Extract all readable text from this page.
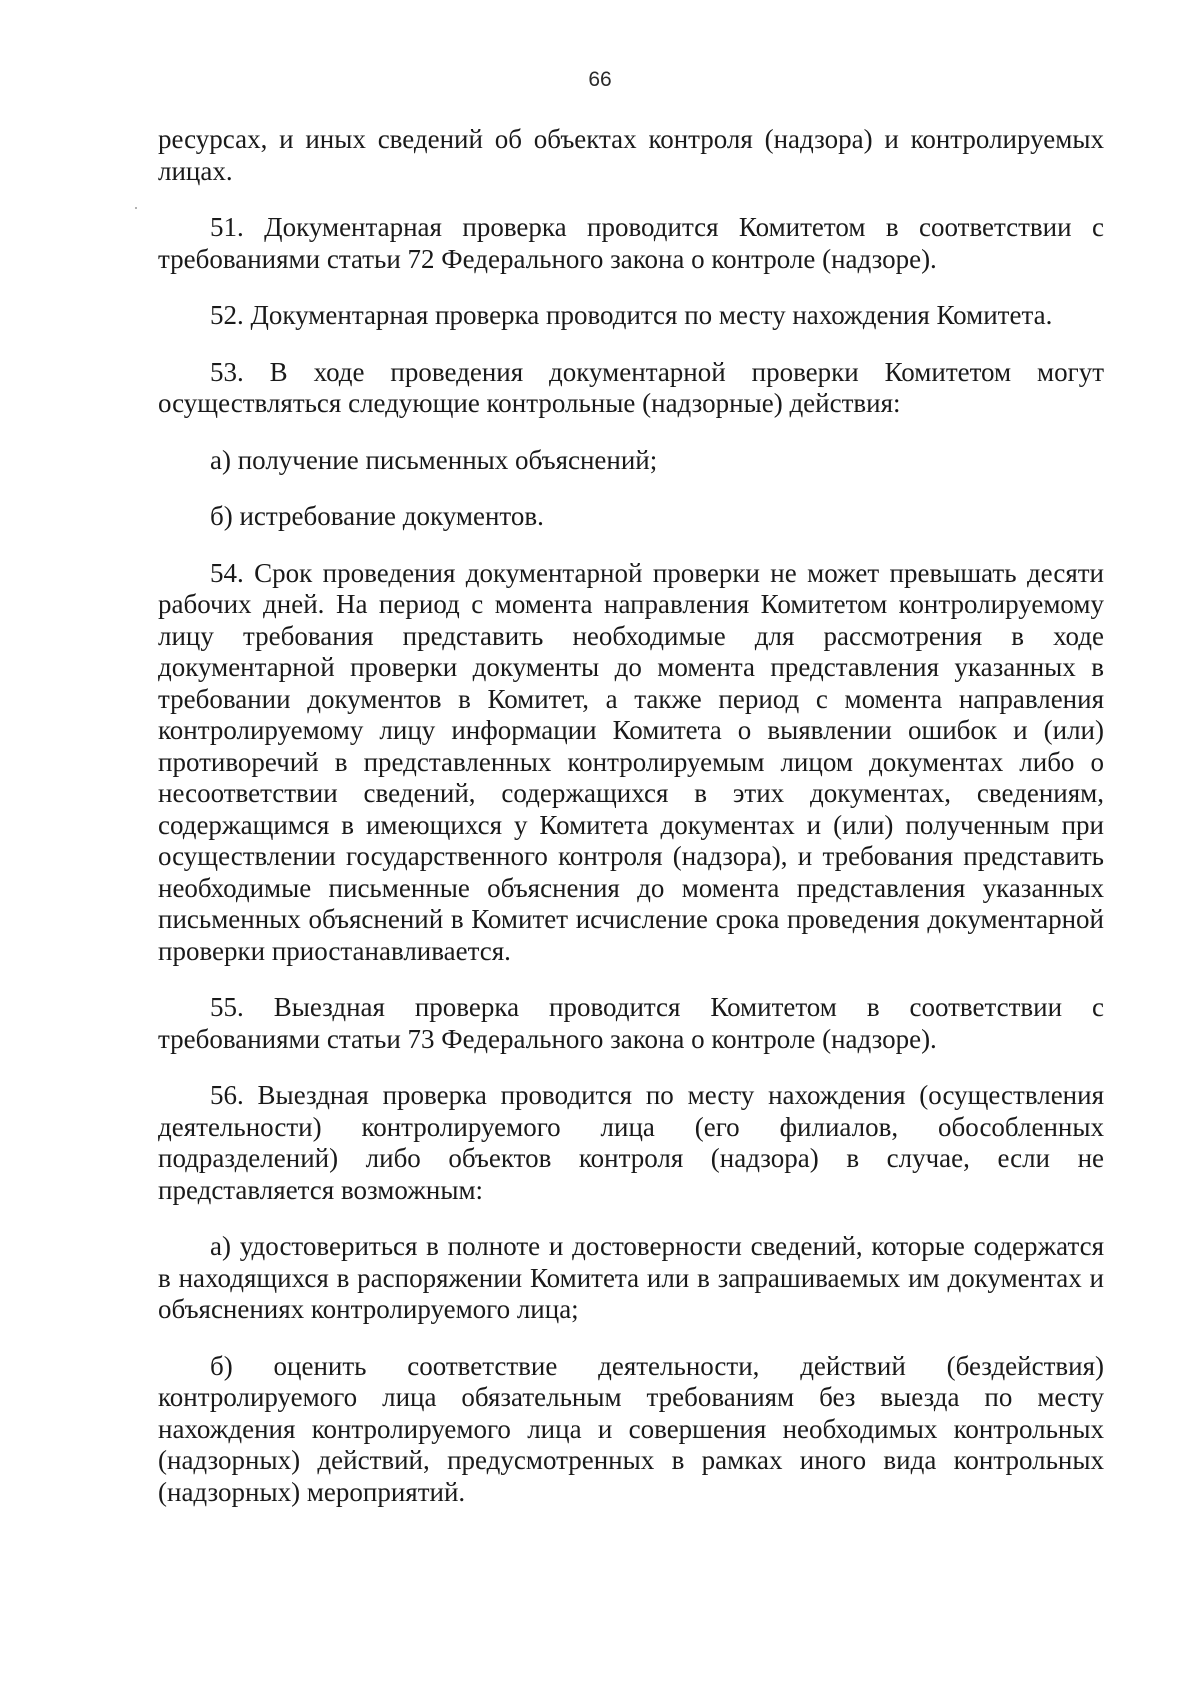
66

ресурсах, и иных сведений об объектах контроля (надзора) и контролируемых лицах.

51. Документарная проверка проводится Комитетом в соответствии с требованиями статьи 72 Федерального закона о контроле (надзоре).

52. Документарная проверка проводится по месту нахождения Комитета.

53. В ходе проведения документарной проверки Комитетом могут осуществляться следующие контрольные (надзорные) действия:

а) получение письменных объяснений;

б) истребование документов.

54. Срок проведения документарной проверки не может превышать десяти рабочих дней. На период с момента направления Комитетом контролируемому лицу требования представить необходимые для рассмотрения в ходе документарной проверки документы до момента представления указанных в требовании документов в Комитет, а также период с момента направления контролируемому лицу информации Комитета о выявлении ошибок и (или) противоречий в представленных контролируемым лицом документах либо о несоответствии сведений, содержащихся в этих документах, сведениям, содержащимся в имеющихся у Комитета документах и (или) полученным при осуществлении государственного контроля (надзора), и требования представить необходимые письменные объяснения до момента представления указанных письменных объяснений в Комитет исчисление срока проведения документарной проверки приостанавливается.

55. Выездная проверка проводится Комитетом в соответствии с требованиями статьи 73 Федерального закона о контроле (надзоре).

56. Выездная проверка проводится по месту нахождения (осуществления деятельности) контролируемого лица (его филиалов, обособленных подразделений) либо объектов контроля (надзора) в случае, если не представляется возможным:

а) удостовериться в полноте и достоверности сведений, которые содержатся в находящихся в распоряжении Комитета или в запрашиваемых им документах и объяснениях контролируемого лица;

б) оценить соответствие деятельности, действий (бездействия) контролируемого лица обязательным требованиям без выезда по месту нахождения контролируемого лица и совершения необходимых контрольных (надзорных) действий, предусмотренных в рамках иного вида контрольных (надзорных) мероприятий.
